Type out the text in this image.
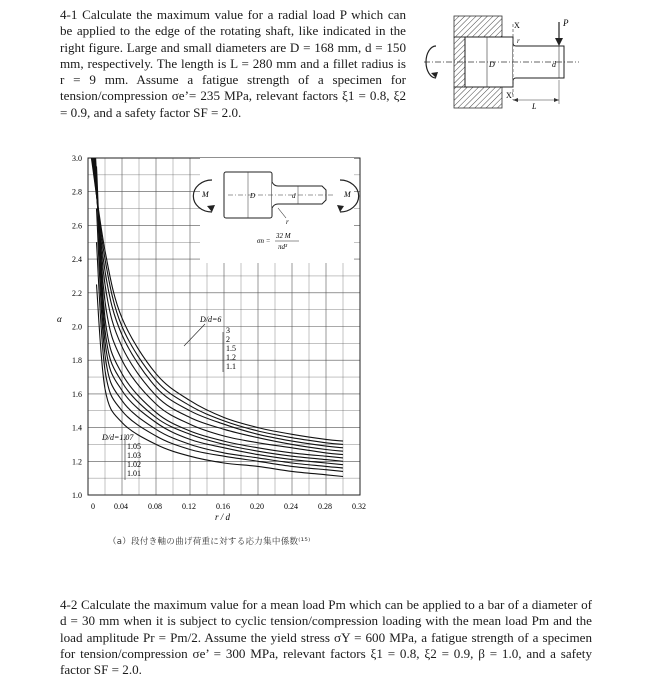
4-1 Calculate the maximum value for a radial load P which can be applied to the edge of the rotating shaft, like indicated in the right figure. Large and small diameters are D = 168 mm, d = 150 mm, respectively. The length is L = 280 mm and a fillet radius is r = 9 mm. Assume a fatigue strength of a specimen for tension/compression σe’= 235 MPa, relevant factors ξ1 = 0.8, ξ2 = 0.9, and a safety factor SF = 2.0.

D	d
X
X'
r
P
L
0 0.04	0.08	0.12	0.16	0.20	0.24	0.28	0.32
1.0
1.2
1.4
1.6
1.8
2.0
2.2
2.4
2.6
2.8
3.0
α
r / d
M	D	d
r
M
σn =
32 M
πd³
D/d=6
3
2
1.5
1.2
1.1
D/d=1.07
1.05
1.03
1.02
1.01
（a）段付き軸の曲げ荷重に対する応力集中係数⁽¹⁵⁾

4-2 Calculate the maximum value for a mean load Pm which can be applied to a bar of a diameter of d = 30 mm when it is subject to cyclic tension/compression loading with the mean load Pm and the load amplitude Pr = Pm/2. Assume the yield stress σY = 600 MPa, a fatigue strength of a specimen for tension/compression σe’ = 300 MPa, relevant factors ξ1 = 0.8, ξ2 = 0.9, β = 1.0, and a safety factor SF = 2.0.
